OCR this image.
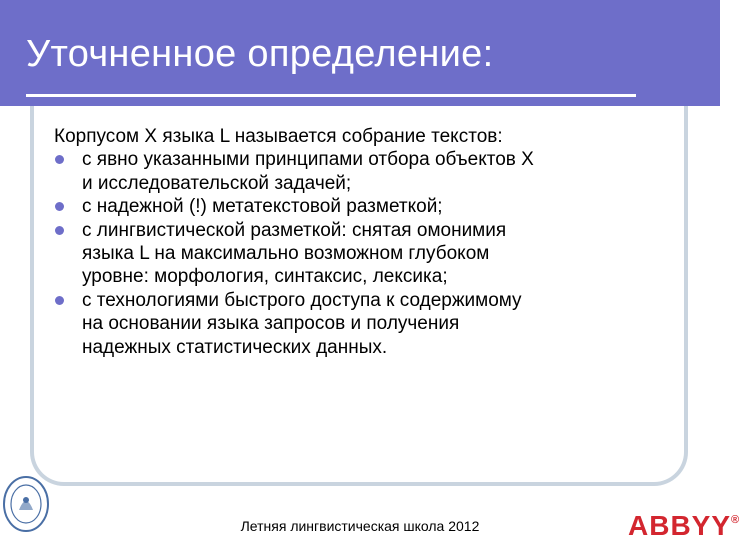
Уточненное определение:

Корпусом X языка L называется собрание текстов:

с явно указанными принципами отбора объектов X
и исследовательской задачей;
с надежной (!) метатекстовой разметкой;
с лингвистической разметкой: снятая омонимия
языка L на максимально возможном глубоком
уровне: морфология, синтаксис, лексика;
с технологиями быстрого доступа к содержимому
на основании языка запросов и получения
надежных статистических данных.
Летняя лингвистическая школа 2012	ABBYY®
